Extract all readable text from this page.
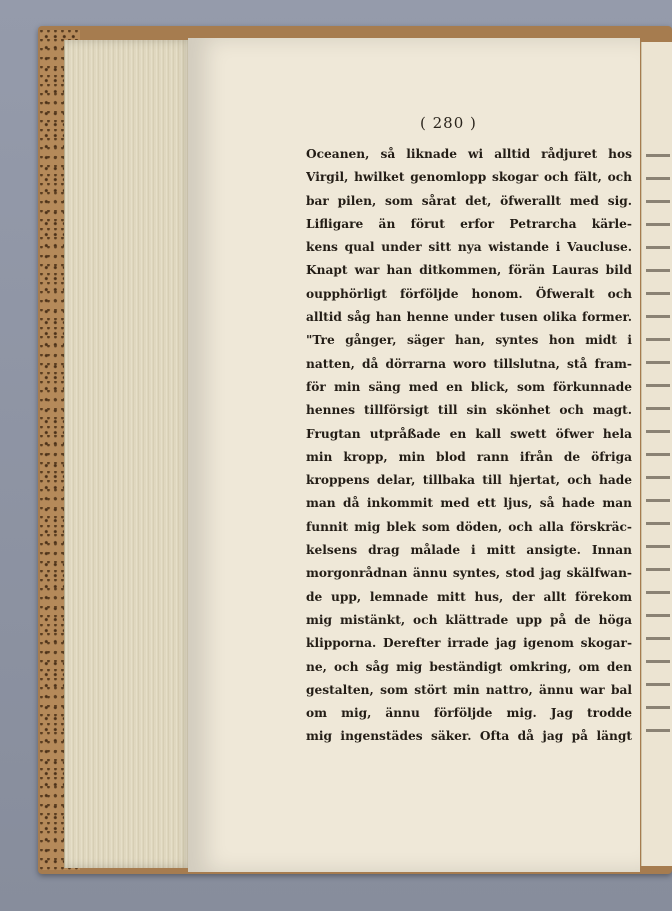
( 280 )
Oceanen, så liknade wi alltid rådjuret hos
Virgil, hwilket genomlopp skogar och fält, och
bar pilen, som sårat det, öfwerallt med sig.
Lifligare än förut erfor Petrarcha kärle-
kens qual under sitt nya wistande i Vaucluse.
Knapt war han ditkommen, förän Lauras bild
oupphörligt förföljde honom. Öfweralt och
alltid såg han henne under tusen olika former.
"Tre gånger, säger han, syntes hon midt i
natten, då dörrarna woro tillslutna, stå fram-
för min säng med en blick, som förkunnade
hennes tillförsigt till sin skönhet och magt.
Frugtan utpråßade en kall swett öfwer hela
min kropp, min blod rann ifrån de öfriga
kroppens delar, tillbaka till hjertat, och hade
man då inkommit med ett ljus, så hade man
funnit mig blek som döden, och alla förskräc-
kelsens drag målade i mitt ansigte. Innan
morgonrådnan ännu syntes, stod jag skälfwan-
de upp, lemnade mitt hus, der allt förekom
mig mistänkt, och klättrade upp på de höga
klipporna. Derefter irrade jag igenom skogar-
ne, och såg mig beständigt omkring, om den
gestalten, som stört min nattro, ännu war bal
om mig, ännu förföljde mig. Jag trodde
mig ingenstädes säker. Ofta då jag på längt
